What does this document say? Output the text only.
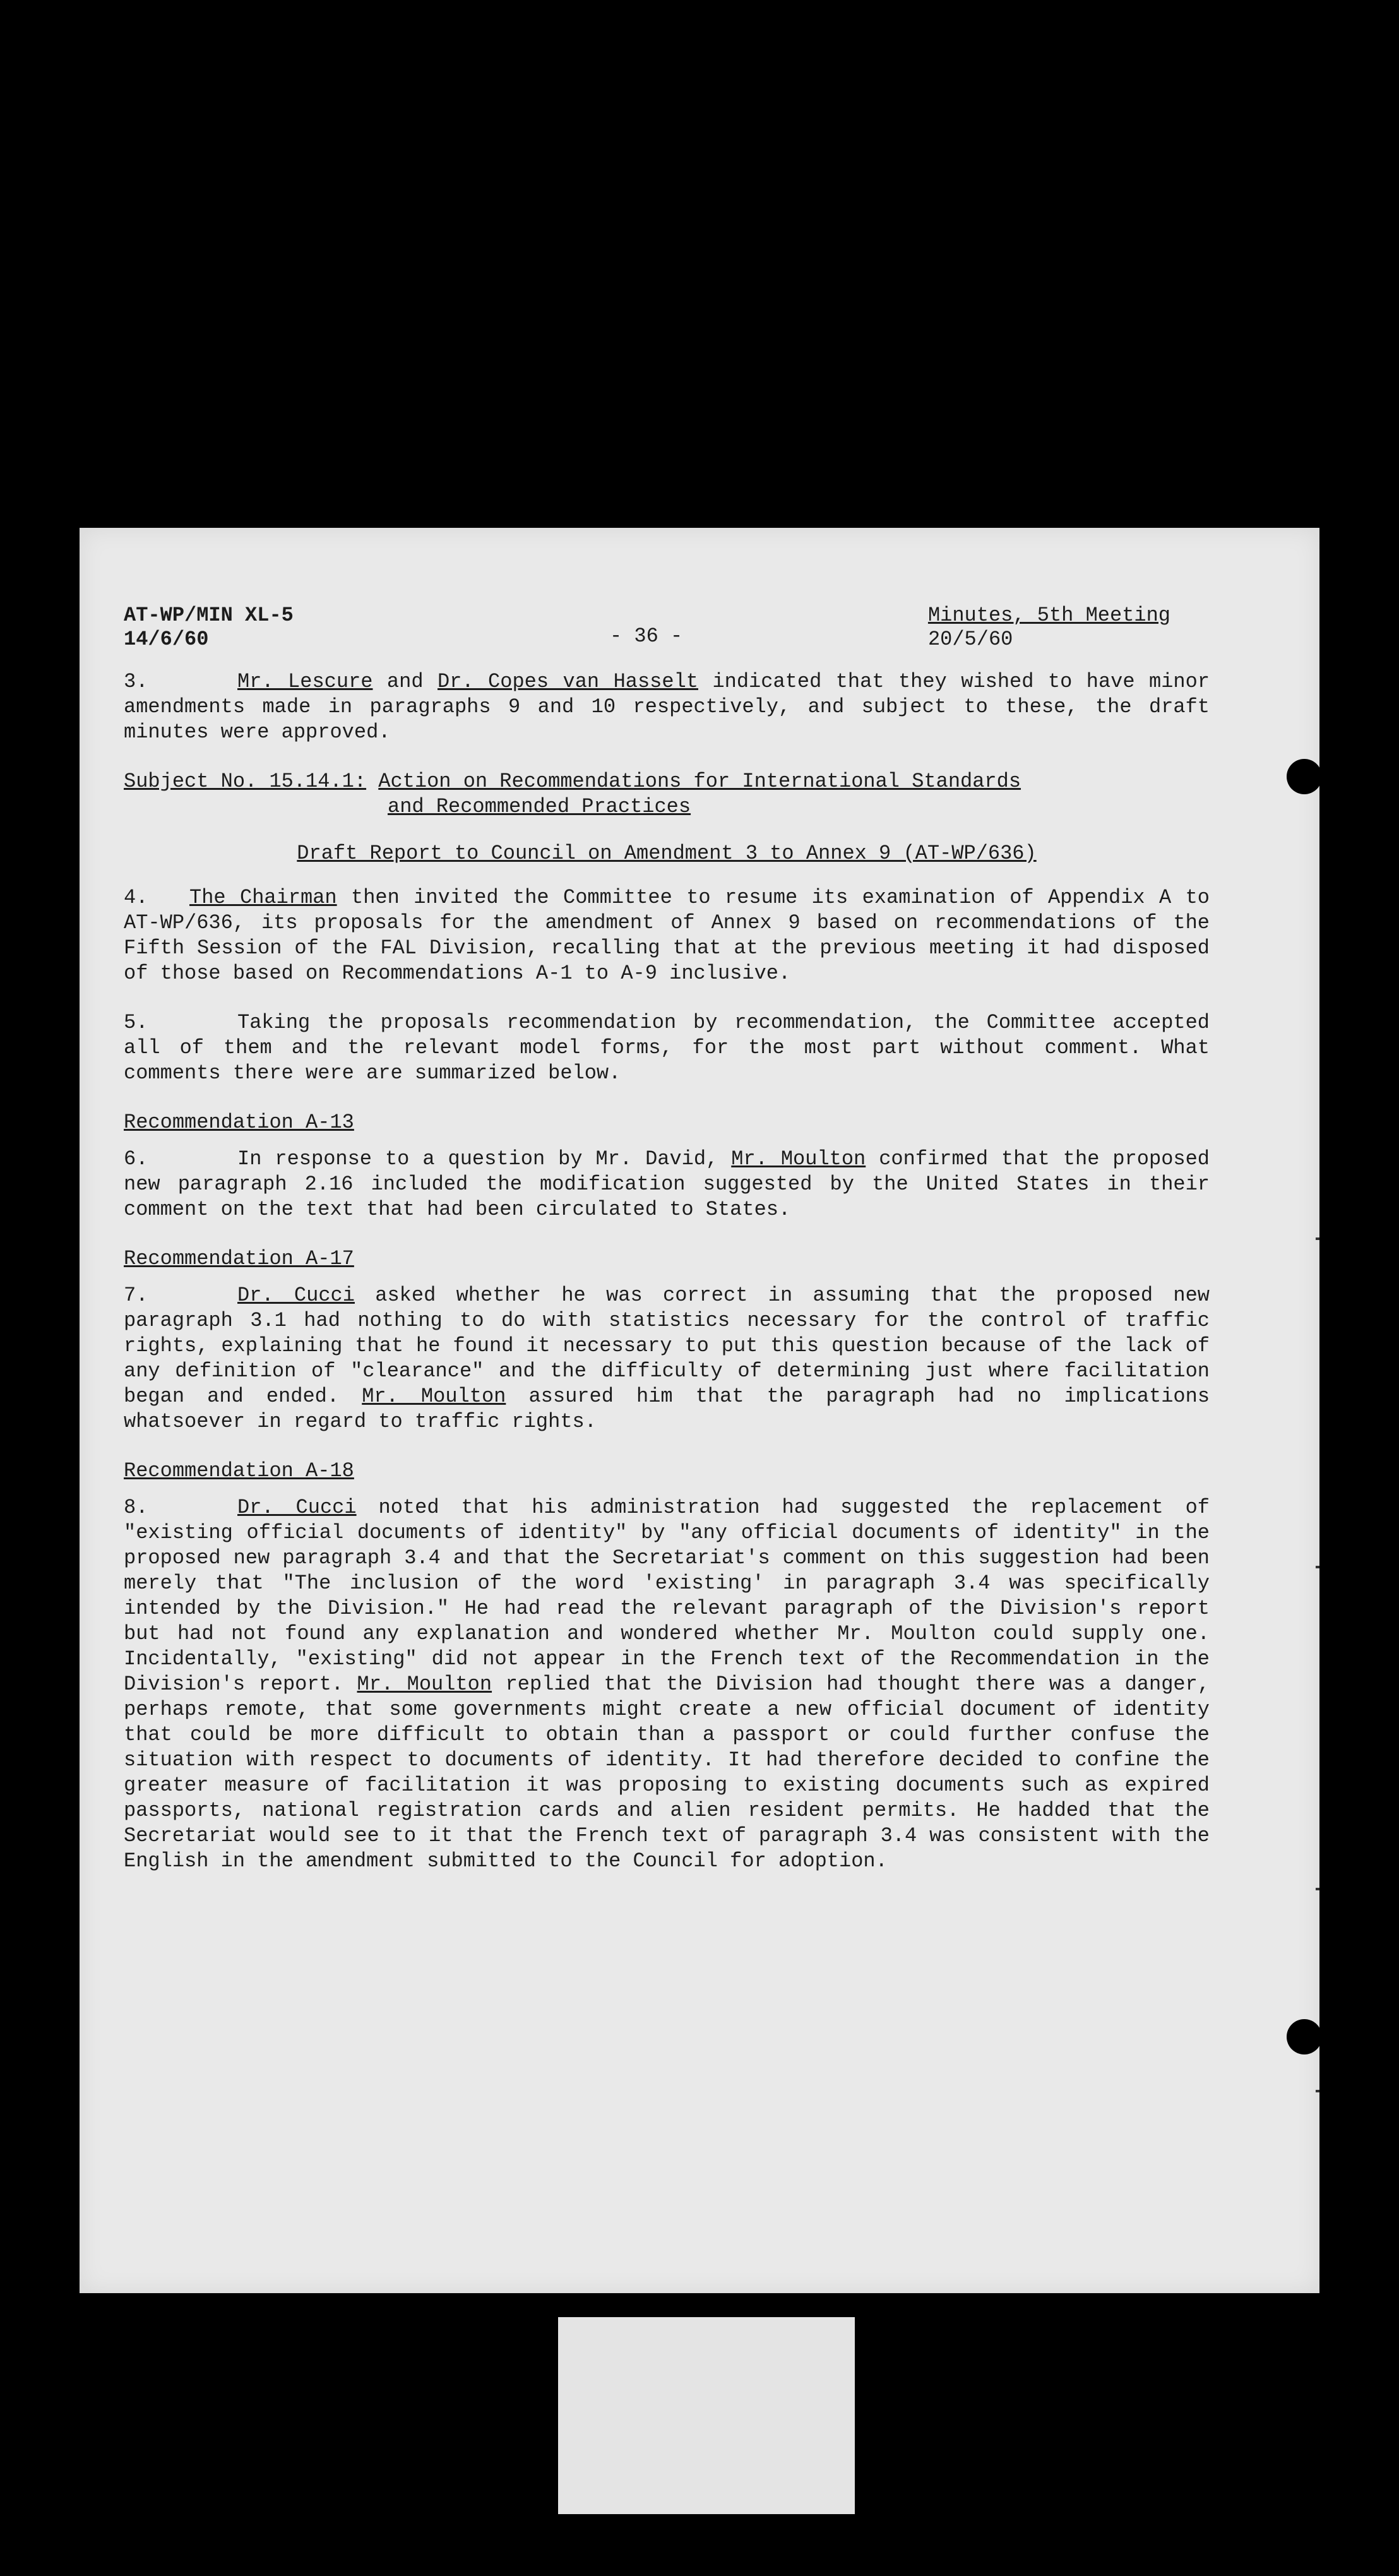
AT-WP/MIN XL-5
14/6/60	- 36 -
Minutes, 5th Meeting
20/5/60

3.	Mr. Lescure and Dr. Copes van Hasselt indicated that they wished to have minor amendments made in paragraphs 9 and 10 respectively, and subject to these, the draft minutes were approved.

Subject No. 15.14.1: Action on Recommendations for International Standards
and Recommended Practices
Draft Report to Council on Amendment 3 to Annex 9 (AT-WP/636)

4. The Chairman then invited the Committee to resume its examination of Appendix A to AT-WP/636, its proposals for the amendment of Annex 9 based on recommendations of the Fifth Session of the FAL Division, recalling that at the previous meeting it had disposed of those based on Recommendations A-1 to A-9 inclusive.

5.	Taking the proposals recommendation by recommendation, the Committee accepted all of them and the relevant model forms, for the most part without comment. What comments there were are summarized below.

Recommendation A-13

6.	In response to a question by Mr. David, Mr. Moulton confirmed that the proposed new paragraph 2.16 included the modification suggested by the United States in their comment on the text that had been circulated to States.

Recommendation A-17

7.	Dr. Cucci asked whether he was correct in assuming that the proposed new paragraph 3.1 had nothing to do with statistics necessary for the control of traffic rights, explaining that he found it necessary to put this question because of the lack of any definition of "clearance" and the difficulty of determining just where facilitation began and ended. Mr. Moulton assured him that the paragraph had no implications whatsoever in regard to traffic rights.

Recommendation A-18

8.	Dr. Cucci noted that his administration had suggested the replacement of "existing official documents of identity" by "any official documents of identity" in the proposed new paragraph 3.4 and that the Secretariat's comment on this suggestion had been merely that "The inclusion of the word 'existing' in paragraph 3.4 was specifically intended by the Division." He had read the relevant paragraph of the Division's report but had not found any explanation and wondered whether Mr. Moulton could supply one. Incidentally, "existing" did not appear in the French text of the Recommendation in the Division's report. Mr. Moulton replied that the Division had thought there was a danger, perhaps remote, that some governments might create a new official document of identity that could be more difficult to obtain than a passport or could further confuse the situation with respect to documents of identity. It had therefore decided to confine the greater measure of facilitation it was proposing to existing documents such as expired passports, national registration cards and alien resident permits. He hadded that the Secretariat would see to it that the French text of paragraph 3.4 was consistent with the English in the amendment submitted to the Council for adoption.
